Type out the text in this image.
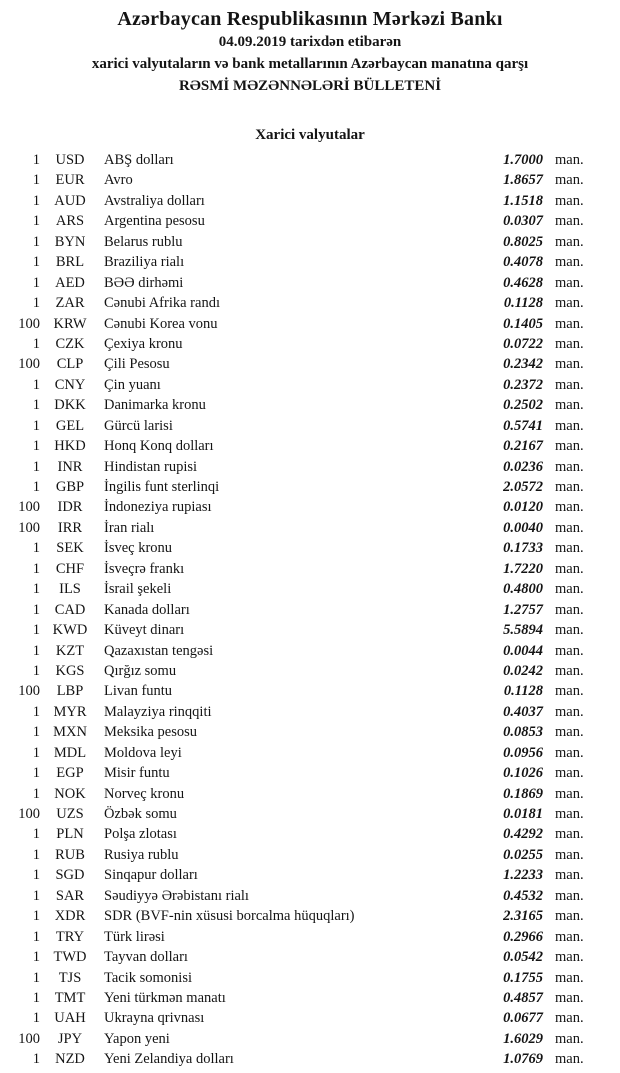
Azərbaycan Respublikasının Mərkəzi Bankı
04.09.2019 tarixdən etibarən
xarici valyutaların və bank metallarının Azərbaycan manatına qarşı
RƏSMİ MƏZƏNNƏLƏRİ BÜLLETENİ
Xarici valyutalar
1	USD	ABŞ dolları	1.7000 man.
1	EUR	Avro	1.8657 man.
1 AUD	Avstraliya dolları	1.1518 man.
1	ARS	Argentina pesosu	0.0307 man.
1	BYN	Belarus rublu	0.8025 man.
1	BRL	Braziliya rialı	0.4078 man.
1	AED	BƏƏ dirhəmi	0.4628 man.
1	ZAR	Cənubi Afrika randı	0.1128 man.
100 KRW	Cənubi Korea vonu	0.1405 man.
1	CZK	Çexiya kronu	0.0722 man.
100	CLP	Çili Pesosu	0.2342 man.
1	CNY	Çin yuanı	0.2372 man.
1 DKK	Danimarka kronu	0.2502 man.
1	GEL	Gürcü larisi	0.5741 man.
1 HKD	Honq Konq dolları	0.2167 man.
1	INR	Hindistan rupisi	0.0236 man.
1	GBP	İngilis funt sterlinqi	2.0572 man.
100	IDR	İndoneziya rupiası	0.0120 man.
100	IRR	İran rialı	0.0040 man.
1	SEK	İsveç kronu	0.1733 man.
1	CHF	İsveçrə frankı	1.7220 man.
1	ILS	İsrail şekeli	0.4800 man.
1	CAD	Kanada dolları	1.2757 man.
1 KWD	Küveyt dinarı	5.5894 man.
1	KZT	Qazaxıstan tengəsi	0.0044 man.
1	KGS	Qırğız somu	0.0242 man.
100	LBP	Livan funtu	0.1128 man.
1 MYR	Malayziya rinqqiti	0.4037 man.
1 MXN	Meksika pesosu	0.0853 man.
1 MDL	Moldova leyi	0.0956 man.
1	EGP	Misir funtu	0.1026 man.
1 NOK	Norveç kronu	0.1869 man.
100	UZS	Özbək somu	0.0181 man.
1	PLN	Polşa zlotası	0.4292 man.
1	RUB	Rusiya rublu	0.0255 man.
1	SGD	Sinqapur dolları	1.2233 man.
1	SAR	Səudiyyə Ərəbistanı rialı	0.4532 man.
1	XDR	SDR (BVF-nin xüsusi borcalma hüquqları)	2.3165 man.
1	TRY	Türk lirəsi	0.2966 man.
1 TWD	Tayvan dolları	0.0542 man.
1	TJS	Tacik somonisi	0.1755 man.
1	TMT	Yeni türkmən manatı	0.4857 man.
1 UAH	Ukrayna qrivnası	0.0677 man.
100	JPY	Yapon yeni	1.6029 man.
1	NZD	Yeni Zelandiya dolları	1.0769 man.
